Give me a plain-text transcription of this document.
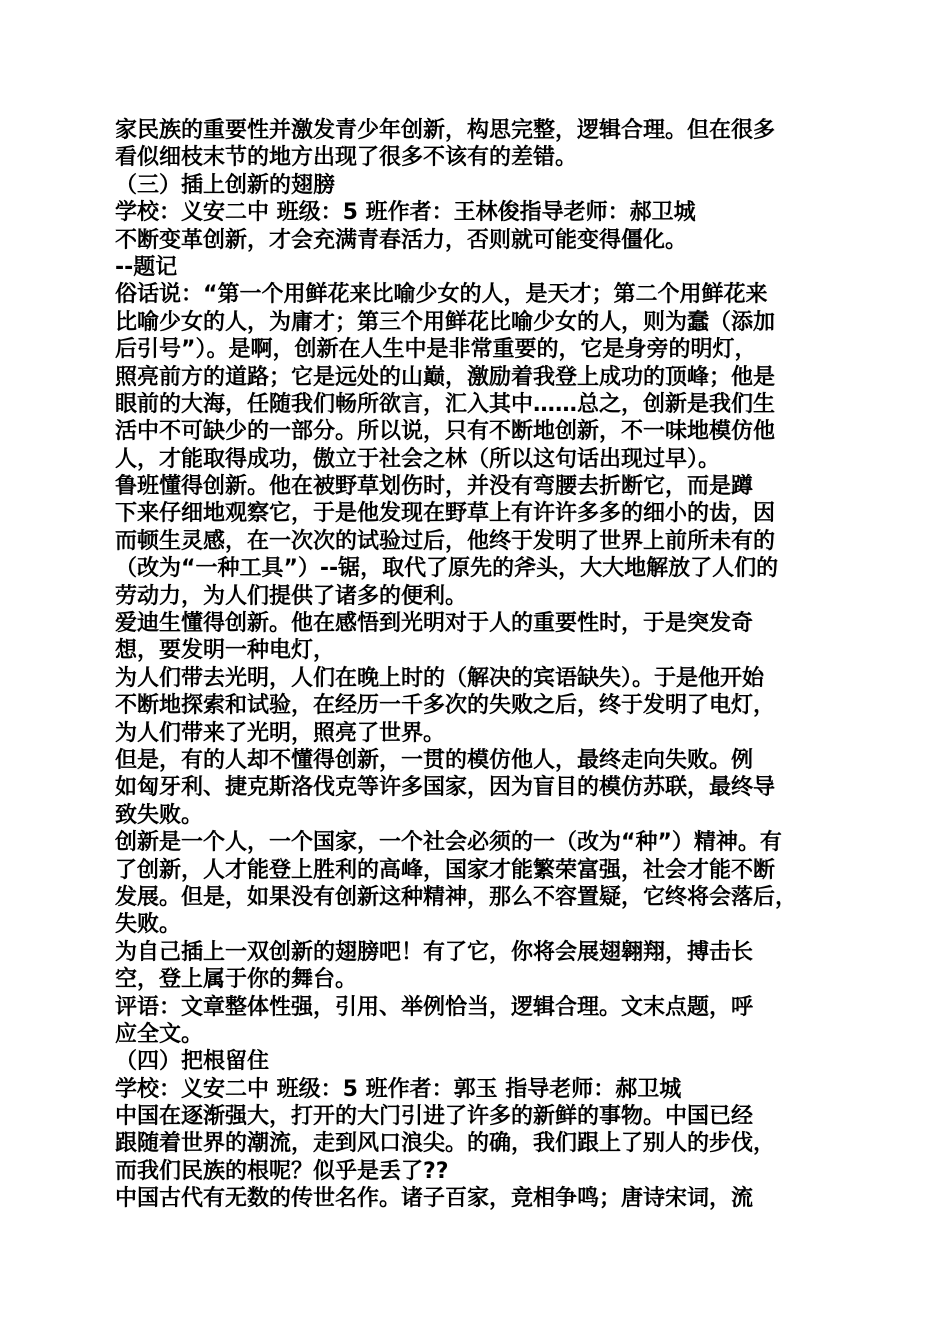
家民族的重要性并激发青少年创新，构思完整，逻辑合理。但在很多
看似细枝末节的地方出现了很多不该有的差错。
（三）插上创新的翅膀
学校：义安二中 班级：5 班作者：王林俊指导老师：郝卫城
不断变革创新，才会充满青春活力，否则就可能变得僵化。
--题记
俗话说：“第一个用鲜花来比喻少女的人，是天才；第二个用鲜花来
比喻少女的人，为庸才；第三个用鲜花比喻少女的人，则为蠢（添加
后引号”）。是啊，创新在人生中是非常重要的，它是身旁的明灯，
照亮前方的道路；它是远处的山巅，激励着我登上成功的顶峰；他是
眼前的大海，任随我们畅所欲言，汇入其中……总之，创新是我们生
活中不可缺少的一部分。所以说，只有不断地创新，不一味地模仿他
人，才能取得成功，傲立于社会之林（所以这句话出现过早）。
鲁班懂得创新。他在被野草划伤时，并没有弯腰去折断它，而是蹲
下来仔细地观察它，于是他发现在野草上有许许多多的细小的齿，因
而顿生灵感，在一次次的试验过后，他终于发明了世界上前所未有的
（改为“一种工具”）--锯，取代了原先的斧头，大大地解放了人们的
劳动力，为人们提供了诸多的便利。
爱迪生懂得创新。他在感悟到光明对于人的重要性时，于是突发奇
想，要发明一种电灯，
为人们带去光明，人们在晚上时的（解决的宾语缺失）。于是他开始
不断地探索和试验，在经历一千多次的失败之后，终于发明了电灯，
为人们带来了光明，照亮了世界。
但是，有的人却不懂得创新，一贯的模仿他人，最终走向失败。例
如匈牙利、捷克斯洛伐克等许多国家，因为盲目的模仿苏联，最终导
致失败。
创新是一个人，一个国家，一个社会必须的一（改为“种”）精神。有
了创新，人才能登上胜利的高峰，国家才能繁荣富强，社会才能不断
发展。但是，如果没有创新这种精神，那么不容置疑，它终将会落后，
失败。
为自己插上一双创新的翅膀吧！有了它，你将会展翅翱翔，搏击长
空，登上属于你的舞台。
评语：文章整体性强，引用、举例恰当，逻辑合理。文末点题，呼
应全文。
（四）把根留住
学校：义安二中 班级：5 班作者：郭玉 指导老师：郝卫城
中国在逐渐强大，打开的大门引进了许多的新鲜的事物。中国已经
跟随着世界的潮流，走到风口浪尖。的确，我们跟上了别人的步伐，
而我们民族的根呢？似乎是丢了??
中国古代有无数的传世名作。诸子百家，竞相争鸣；唐诗宋词，流
